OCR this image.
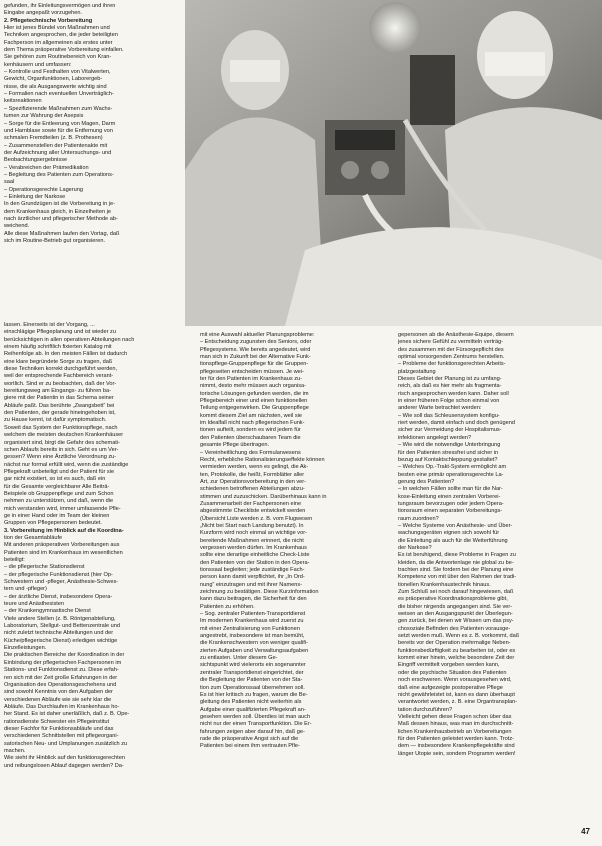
gefunden, ihr Einleitungsvermögen und ihren

Eingabe angepaßt vorzugehen.

2. Pflegetechnische Vorbereitung

Hier ist jenes Bündel von Maßnahmen und

Techniken angesprochen, die jeder beteiligten

Fachperson im allgemeinen als erstes unter

dem Thema präoperative Vorbereitung einfallen.

Sie gehören zum Routinebereich von Kran-

kenhäusern und umfassen:

– Kontrolle und Festhalten von Vitalwerten,

Gewicht, Organfunktionen, Laborergeb-

nisse, die als Ausgangswerte wichtig sind

– Formalien nach eventuellen Unverträglich-

keitsreaktionen

– Spezifizierende Maßnahmen zum Wachs-

tumen zur Wahrung der Asepsis

– Sorge für die Entleerung von Magen, Darm

und Harnblase sowie für die Entfernung von

schmalen Fremdteilen (z. B. Prothesen)

– Zusammenstellen der Patientenakte mit

der Aufzeichnung aller Untersuchungs- und

Beobachtungsergebnisse

– Verabreichen der Prämedikation

– Begleitung des Patienten zum Operations-

saal

– Operationsgerechte Lagerung

– Einleitung der Narkose

In den Grundzügen ist die Vorbereitung in je-

dem Krankenhaus gleich, in Einzelheiten je

nach ärztlicher und pflegerischer Methode ab-

weichend.

Alle diese Maßnahmen laufen den Vortag, daß

sich im Routine-Betrieb gut organisieren.

lassen. Einerseits ist der Vorgang, ...

einschlägige Pflegeplanung und ist wieder zu

berücksichtigen in allen operativen Abteilungen nach

einem häufig schriftlich fixierten Katalog mit

Reihenfolge ab. In den meisten Fällen ist dadurch

eine klare begründete Sorge zu tragen, daß

diese Techniken korrekt durchgeführt werden,

weil der entsprechende Fachbereich verant-

wortlich. Sind er zu beobachten, daß der Vor-

bereitungsweg am Eingangs- zu führen ba-

giere mit der Patientin in das Schema seiner

Abläufe paßt. Das berührte „Zwangsbett“ bei

den Patienten, der gerade hineingehoben ist,

zu Hause kennt, ist dafür symptomatisch.

Soweit das System der Funktionspflege, nach

welchem die meisten deutschen Krankenhäuser

organisiert sind, birgt die Gefahr des schemati-

schen Ablaufs bereits in sich. Geht es um Ver-

gessen? Wenn eine Ärztliche Verordnung zu-

nächst nur formal erfüllt wird, wenn die zuständige

Pflegekraft unbeteiligt und der Patient für sie

gar nicht existiert, so ist es auch, daß ein

für die Gesamte vergleichbarer Alle Beiträ-

Beispiele ob Gruppenpflege und zum Schon

nehmen zu unterstützen, und daß, wenn die

mich verstanden wird, immer umfassende Pfle-

ge in einer Hand oder im Team der kleinen

Gruppen von Pflegepersonen bedeutet.

3. Vorbereitung im Hinblick auf die Koordina-

tion der Gesamtabläufe

Mit anderen präoperativen Vorbereitungen aus

Patienten sind im Krankenhaus im wesentlichen

beteiligt:

– die pflegerische Stationsdienst

– der pflegerische Funktionsdienst (hier Op-

Schwestern und -pfleger, Anästhesie-Schwes-

tern und -pfleger)

– der ärztliche Dienst, insbesondere Opera-

teure und Anästhesisten

– der Krankengymnastische Dienst

Viele andere Stellen (z. B. Röntgenabteilung,

Laboratorium, Stellgut- und Bettenzentrale und

nicht zuletzt technische Abteilungen und der

Küche/pflegerische Dienst) erledigen wichtige

Einzelleistungen.

Die praktischen Bereiche der Koordination in der

Einbindung der pflegerischen Fachpersonen im

Stations- und Funktionsdienst zu. Diese erfah-

ren sich mit der Zeit große Erfahrungen in der

Organisation des Operationsgeschehens und

sind sowohl Kenntnis von den Aufgaben der

verschiedenen Abläufe wie sie sehr klar die

Abläufe. Das Durchlaufen im Krankenhaus ho-

her Stand. Es ist daher unerläßlich, daß z. B. Ope-

rationsdienste Schwester ein Pflegeinstitut

dieser Fachfor für Funktionsabläufe und das

verschiedenen Schnittstellen mit pflegeorgani-

satorischen Neu- und Umplanungen zusätzlich zu

machen.

Wie sieht ihr Hinblick auf den funktionsgerechten

und reibungslosen Ablauf dagegen werden? Da-

mit eine Auswahl aktueller Planungsprobleme:

– Entscheidung zugunsten des Seniors, oder

Pflegesystems. Wie bereits angedeutet, wird

man sich in Zukunft bei der Alternative Funk-

tionspflege-Gruppenpflege für die Gruppen-

pflegeseiten entscheiden müssen. Je wei-

ter für den Patienten im Krankenhaus zu-

nimmt, desto mehr müssen auch organisa-

torische Lösungen gefunden werden, die im

Pflegebereich einer und einen funktionellen

Teilung entgegenwirken. Die Gruppenpflege

kommt diesem Ziel am nächsten, weil sie

im Idealfall nicht nach pflegerischen Funk-

tionen aufteilt, sondern es wird jedem für

den Patienten überschaubaren Team die

gesamte Pflege übertragen.

– Vereinheitlichung des Formularwesens

Recht, erhebliche Rationalisierungseffekte können

vermieden werden, wenn es gelingt, die Ak-

ten, Protokolle, die heißt, Formblätter aller

Art, zur Operationsvorbereitung in den ver-

schiedenen betroffenen Abteilungen abzu-

stimmen und zuzuschicken. Darüberhinaus kann in

Zusammenarbeit der Fachpersonen eine

abgestimmte Checkliste entwickelt werden

(Übersicht Liste werden z. B. vom Flugwesen

„Nicht bei Start nach Landung benutzt). In

Kurzform wird noch einmal an wichtige vor-

bereitende Maßnahmen erinnert, die nicht

vergessen werden dürfen. Im Krankenhaus

sollte eine derartige einheitliche Check-Liste

den Patienten von der Station in den Opera-

tionssaal begleiten; jede zuständige Fach-

person kann damit verpflichtet, ihr „In Ord-

nung“ einzutragen und mit ihrer Namens-

zeichnung zu bestätigen. Diese Kurzinformation

kann dazu beitragen, die Sicherheit für den

Patienten zu erhöhen.

– Sog. zentraler Patienten-Transportdienst

Im modernen Krankenhaus wird zuerst zu

mit einer Zentralisierung von Funktionen

angestrebt, insbesondere ist man bemüht,

die Krankenschwestern von weniger qualifi-

zierten Aufgaben und Verwaltungsaufgaben

zu entlasten. Unter diesem Ge-

sichtspunkt wird vielerorts ein sogenannter

zentraler Transportdienst eingerichtet, der

die Begleitung der Patienten von der Sta-

tion zum Operationssaal übernehmen soll.

Es ist hier kritisch zu fragen, warum die Be-

gleitung des Patienten nicht weiterhin als

Aufgabe einer qualifizierten Pflegekraft an-

gesehen werden soll. Überdies ist man auch

nicht nur der einen Transportfunktion. Die Er-

fahrungen zeigen aber darauf hin, daß ge-

rade die präoperative Angst sich auf die

Patienten bei einem ihm vertrauten Pfle-

gepersonen ab die Anästhesie-Equipe, diesem

jenes sichere Gefühl zu vermitteln verträg-

des zusammen mit der Fürsorgepflicht des

optimal vorsorgenden Zentrums herstellen.

– Probleme der funktionsgerechten Arbeits-

platzgestaltung

Dieses Gebiet der Planung ist zu umfang-

reich, als daß es hier mehr als fragmenta-

risch angesprochen werden kann. Daher soll

in einer früheren Folge schon einmal von

anderer Warte betrachtet werden:

– Wie soll das Schleusensystem konfigu-

riert werden, damit einfach und doch genügend

sicher zur Vermeidung der Hospitalismus-

infektionen angelegt werden?

– Wie wird die notwendige Unterbringung

für den Patienten stressfrei und sicher in

bezug auf Kontaktschleppung gestaltet?

– Welches Op.-Trakt-System ermöglicht am

besten eine primär operationsgerechte La-

gerung des Patienten?

– In welchen Fällen sollte man für die Nar-

kose-Einleitung einen zentralen Vorberei-

tungsraum bevorzugen oder jedem Opera-

tionsraum einen separaten Vorbereitungs-

raum zuordnen?

– Welche Systeme von Anästhesie- und Über-

wachungsgeräten eignen sich sowohl für

die Einleitung als auch für die Weiterführung

der Narkose?

Es ist beruhigend, diese Probleme in Fragen zu

kleiden, da die Antwortenlage nie global zu be-

trachten sind. Sie fordern bei der Planung eine

Kompetenz von mit über den Rahmen der tradi-

tionellen Krankenhaustechnik hinaus.

Zum Schluß sei noch darauf hingewiesen, daß

es präoperative Koordinationsprobleme gibt,

die bisher nirgends angegangen sind. Sie ver-

weisen an den Ausgangspunkt der Überlegun-

gen zurück, bei denen wir Wissen um das psy-

chosoziale Befinden des Patienten vorausge-

setzt werden muß. Wenn es z. B. vorkommt, daß

bereits vor der Operation mehrmalige Neben-

funktionsbedürftigkeit zu bearbeiten ist, oder es

kommt einer hinein, welche besondere Zeit der

Eingriff vermittelt vorgeben werden kann,

oder die psychische Situation des Patienten

noch erschweren. Wenn vorausgesehen wird,

daß eine aufgezeigte postoperative Pflege

nicht gewährleistet ist, kann es dann überhaupt

verantwortet werden, z. B. eine Organtransplan-

tation durchzuführen?

Vielleicht gehen diese Fragen schon über das

Maß dessen hinaus, was man im durchschnitt-

lichen Krankenhausbetrieb an Vorbereitungen

für den Patienten geleistet werden kann. Trotz-

dem — insbesondere Krankenpflegekräfte sind

länger Utopie sein, sondern Programm werden!

47
